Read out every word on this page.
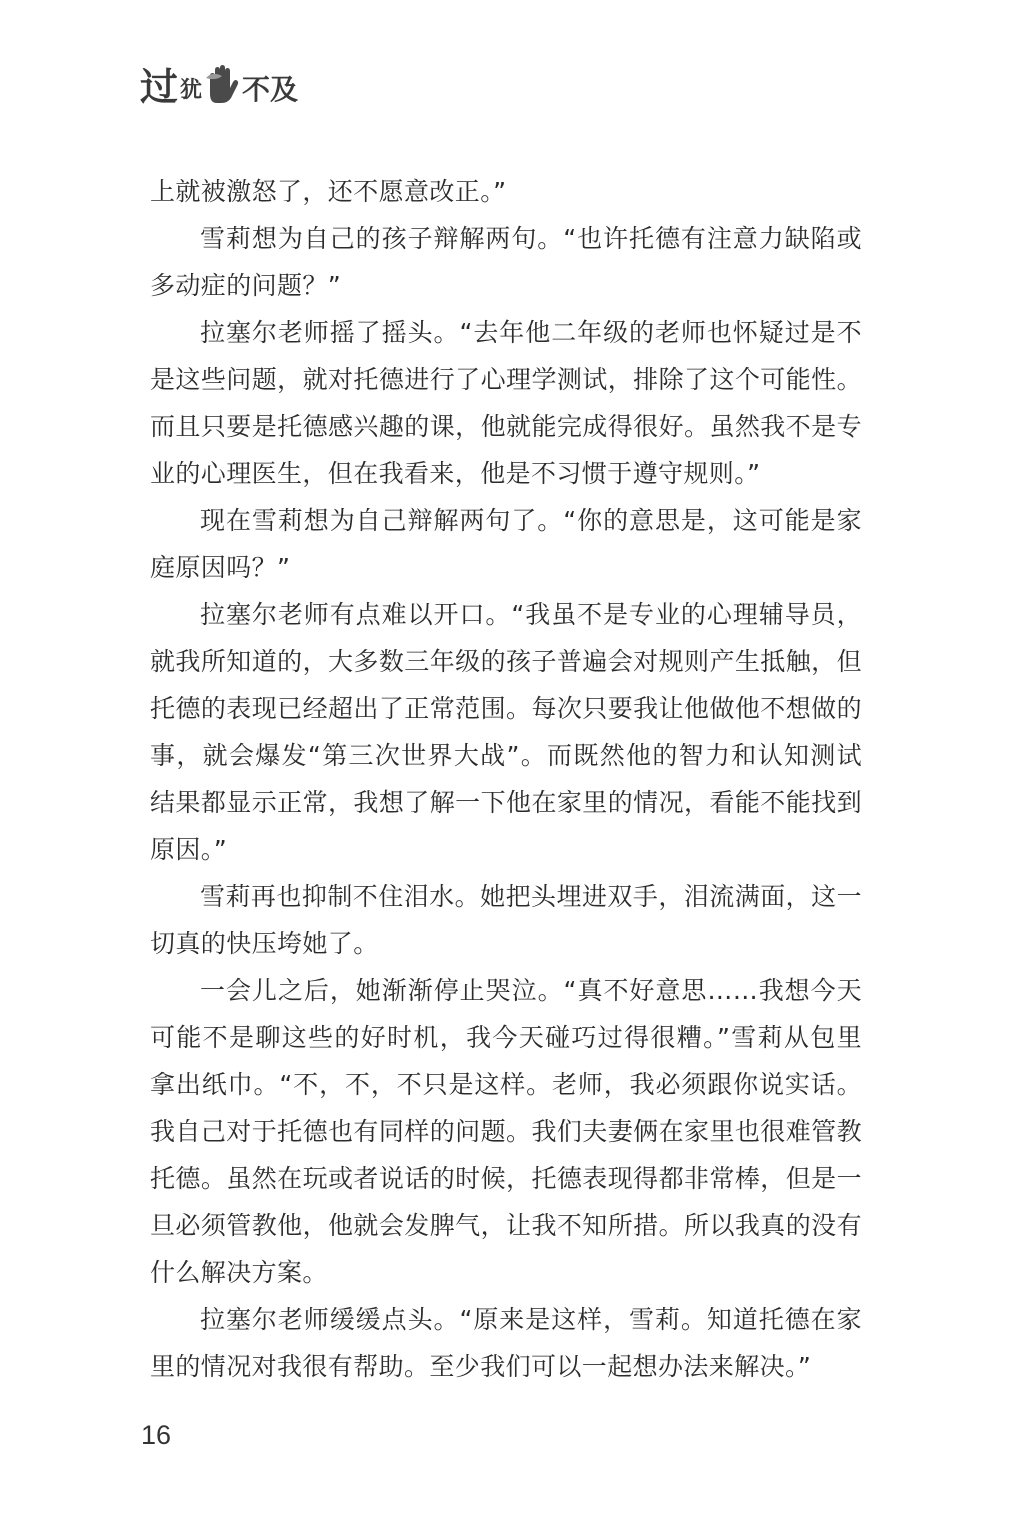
过 犹 不及

上就被激怒了，还不愿意改正。”

雪莉想为自己的孩子辩解两句。“也许托德有注意力缺陷或多动症的问题？”

拉塞尔老师摇了摇头。“去年他二年级的老师也怀疑过是不是这些问题，就对托德进行了心理学测试，排除了这个可能性。而且只要是托德感兴趣的课，他就能完成得很好。虽然我不是专业的心理医生，但在我看来，他是不习惯于遵守规则。”

现在雪莉想为自己辩解两句了。“你的意思是，这可能是家庭原因吗？”

拉塞尔老师有点难以开口。“我虽不是专业的心理辅导员，就我所知道的，大多数三年级的孩子普遍会对规则产生抵触，但托德的表现已经超出了正常范围。每次只要我让他做他不想做的事，就会爆发“第三次世界大战”。而既然他的智力和认知测试结果都显示正常，我想了解一下他在家里的情况，看能不能找到原因。”

雪莉再也抑制不住泪水。她把头埋进双手，泪流满面，这一切真的快压垮她了。

一会儿之后，她渐渐停止哭泣。“真不好意思……我想今天可能不是聊这些的好时机，我今天碰巧过得很糟。”雪莉从包里拿出纸巾。“不，不，不只是这样。老师，我必须跟你说实话。我自己对于托德也有同样的问题。我们夫妻俩在家里也很难管教托德。虽然在玩或者说话的时候，托德表现得都非常棒，但是一旦必须管教他，他就会发脾气，让我不知所措。所以我真的没有什么解决方案。

拉塞尔老师缓缓点头。“原来是这样，雪莉。知道托德在家里的情况对我很有帮助。至少我们可以一起想办法来解决。”

16
